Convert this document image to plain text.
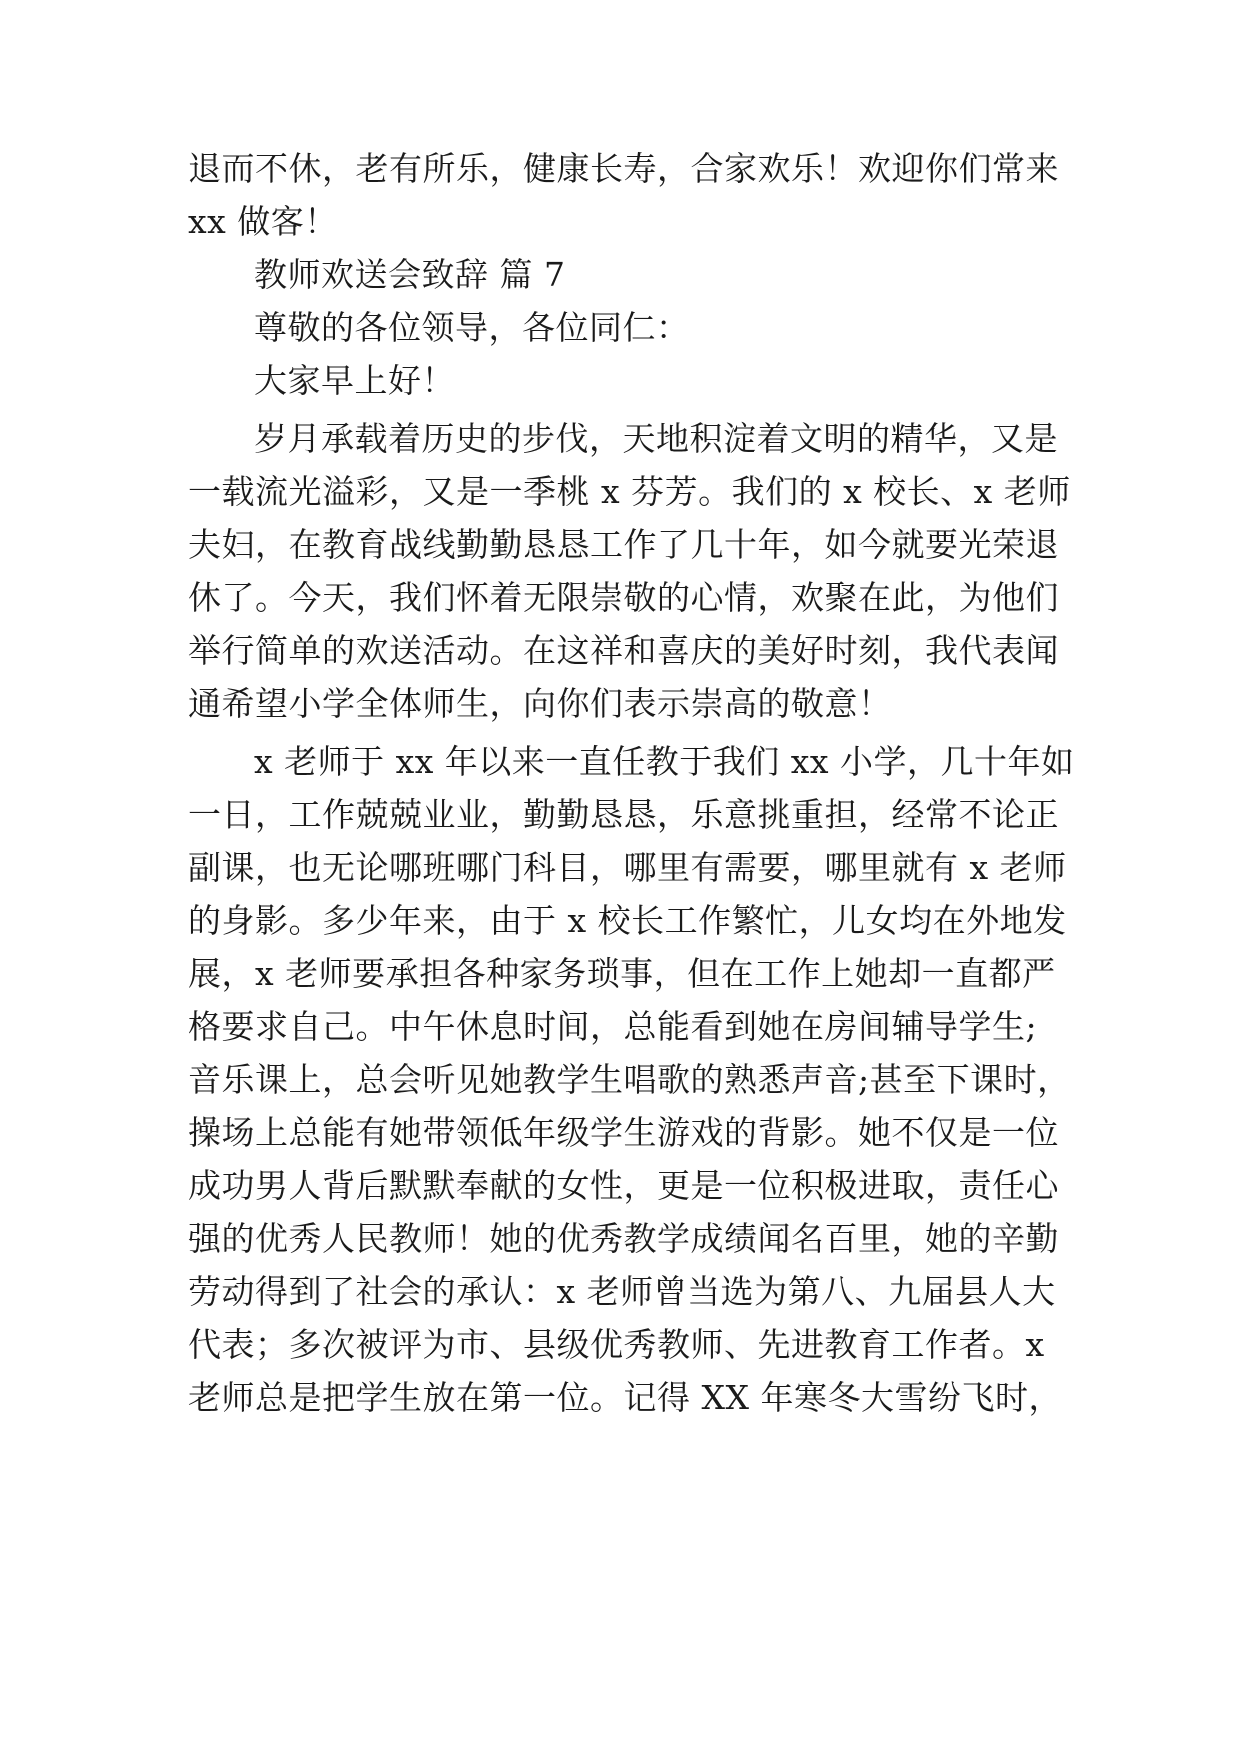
退而不休，老有所乐，健康长寿，合家欢乐！欢迎你们常来
xx 做客！
教师欢送会致辞 篇 7
尊敬的各位领导，各位同仁：
大家早上好！
岁月承载着历史的步伐，天地积淀着文明的精华，又是
一载流光溢彩，又是一季桃 x 芬芳。我们的 x 校长、x 老师
夫妇，在教育战线勤勤恳恳工作了几十年，如今就要光荣退
休了。今天，我们怀着无限崇敬的心情，欢聚在此，为他们
举行简单的欢送活动。在这祥和喜庆的美好时刻，我代表闻
通希望小学全体师生，向你们表示崇高的敬意！
x 老师于 xx 年以来一直任教于我们 xx 小学，几十年如
一日，工作兢兢业业，勤勤恳恳，乐意挑重担，经常不论正
副课，也无论哪班哪门科目，哪里有需要，哪里就有 x 老师
的身影。多少年来，由于 x 校长工作繁忙，儿女均在外地发
展，x 老师要承担各种家务琐事，但在工作上她却一直都严
格要求自己。中午休息时间，总能看到她在房间辅导学生;
音乐课上，总会听见她教学生唱歌的熟悉声音;甚至下课时，
操场上总能有她带领低年级学生游戏的背影。她不仅是一位
成功男人背后默默奉献的女性，更是一位积极进取，责任心
强的优秀人民教师！她的优秀教学成绩闻名百里，她的辛勤
劳动得到了社会的承认：x 老师曾当选为第八、九届县人大
代表；多次被评为市、县级优秀教师、先进教育工作者。x
老师总是把学生放在第一位。记得 XX 年寒冬大雪纷飞时，
